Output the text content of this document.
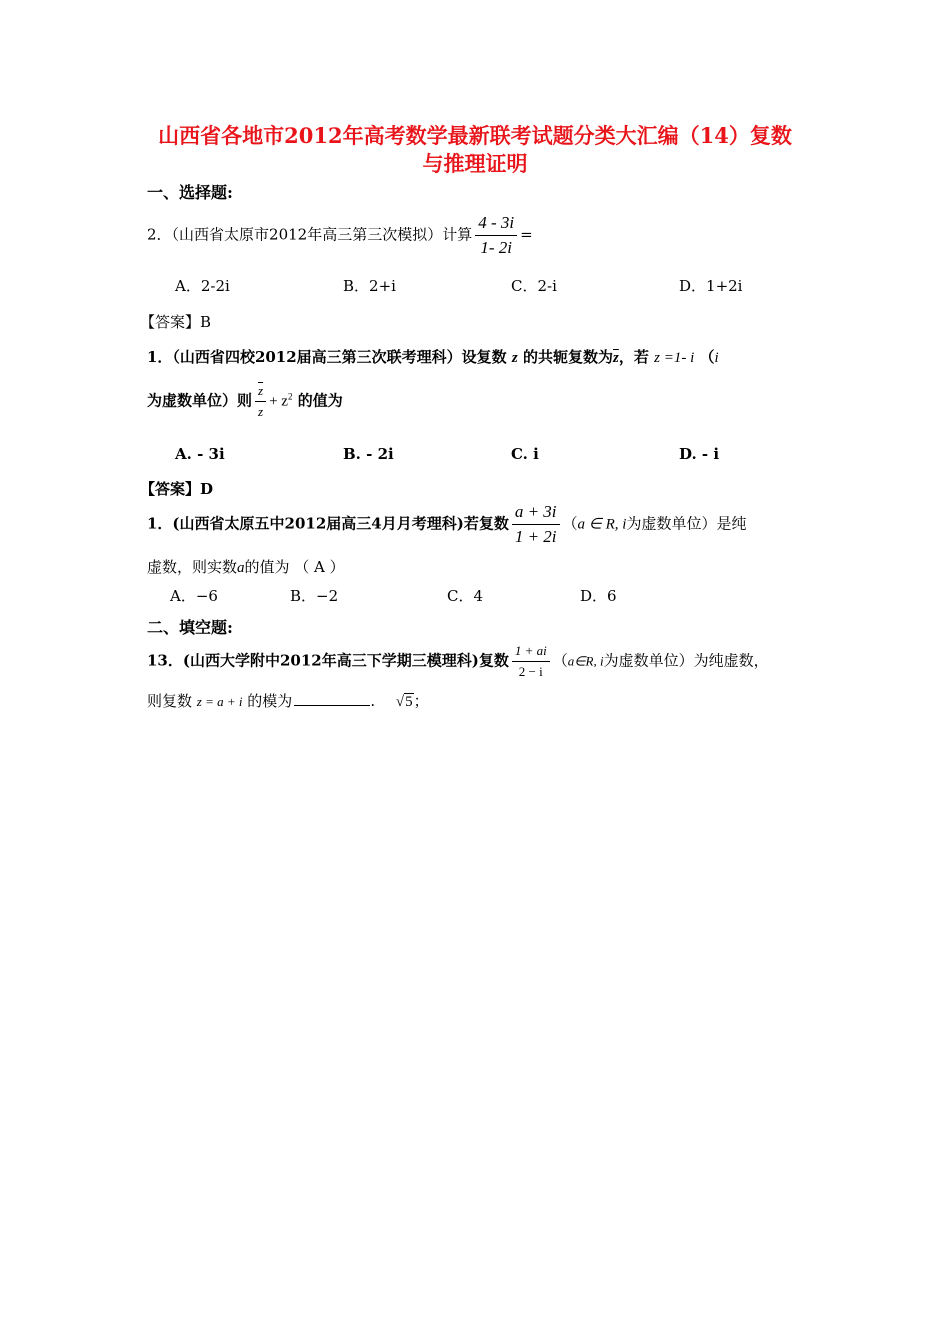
山西省各地市2012年高考数学最新联考试题分类大汇编（14）复数
与推理证明
一、选择题:
2．（山西省太原市2012年高三第三次模拟）计算 $\frac{4 - 3i}{1- 2i}$ =
A．2-2i	B．2+i	C．2-i	D．1+2i
【答案】B
1．（山西省四校2012届高三第三次联考理科）设复数 z 的共轭复数为$\overline{z}$，若 z =1- i （i
为虚数单位）则 $\frac{\overline{z}}{z} + z^2$ 的值为
A. - 3i	B. - 2i	C. i	D. - i
【答案】D
1．(山西省太原五中2012届高三4月月考理科)若复数 $\frac{a + 3i}{1 + 2i} (a$ ∈ R, i为虚数单位）是纯
虚数，则实数a的值为 （ A ）
A．−6	B．−2	C．4	D．6
二、填空题:
13．(山西大学附中2012年高三下学期三模理科)复数 $\frac{1 + ai}{2 - i}$ （a∈R, i为虚数单位）为纯虚数，
则复数 z = a + i 的模为	. √5；
